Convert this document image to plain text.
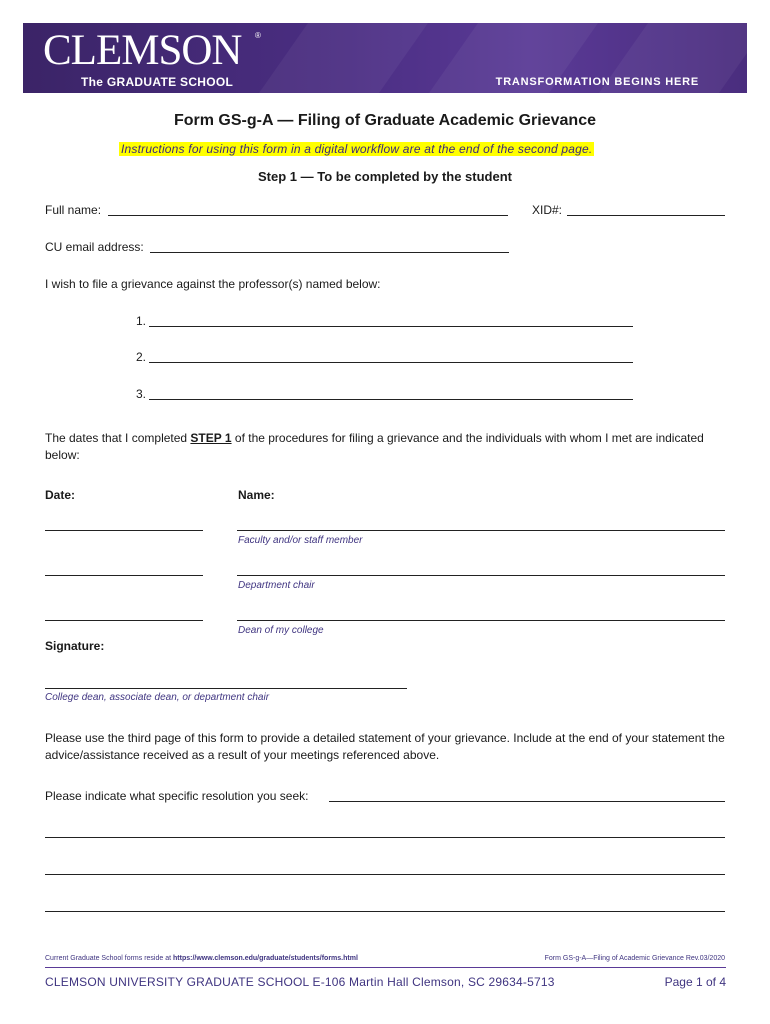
CLEMSON ®
The GRADUATE SCHOOL	TRANSFORMATION BEGINS HERE
Form GS-g-A — Filing of Graduate Academic Grievance
Instructions for using this form in a digital workflow are at the end of the second page.
Step 1 — To be completed by the student
Full name:	XID#:
CU email address:
I wish to file a grievance against the professor(s) named below:
1.
2.
3.
The dates that I completed STEP 1 of the procedures for filing a grievance and the individuals with whom I met are indicated below:
Date:	Name:
Faculty and/or staff member
Department chair
Dean of my college
Signature:
College dean, associate dean, or department chair
Please use the third page of this form to provide a detailed statement of your grievance. Include at the end of your statement the advice/assistance received as a result of your meetings referenced above.
Please indicate what specific resolution you seek:
Current Graduate School forms reside at https://www.clemson.edu/graduate/students/forms.html	Form GS-g-A—Filing of Academic Grievance Rev.03/2020
CLEMSON UNIVERSITY GRADUATE SCHOOL E-106 Martin Hall Clemson, SC 29634-5713	Page 1 of 4
